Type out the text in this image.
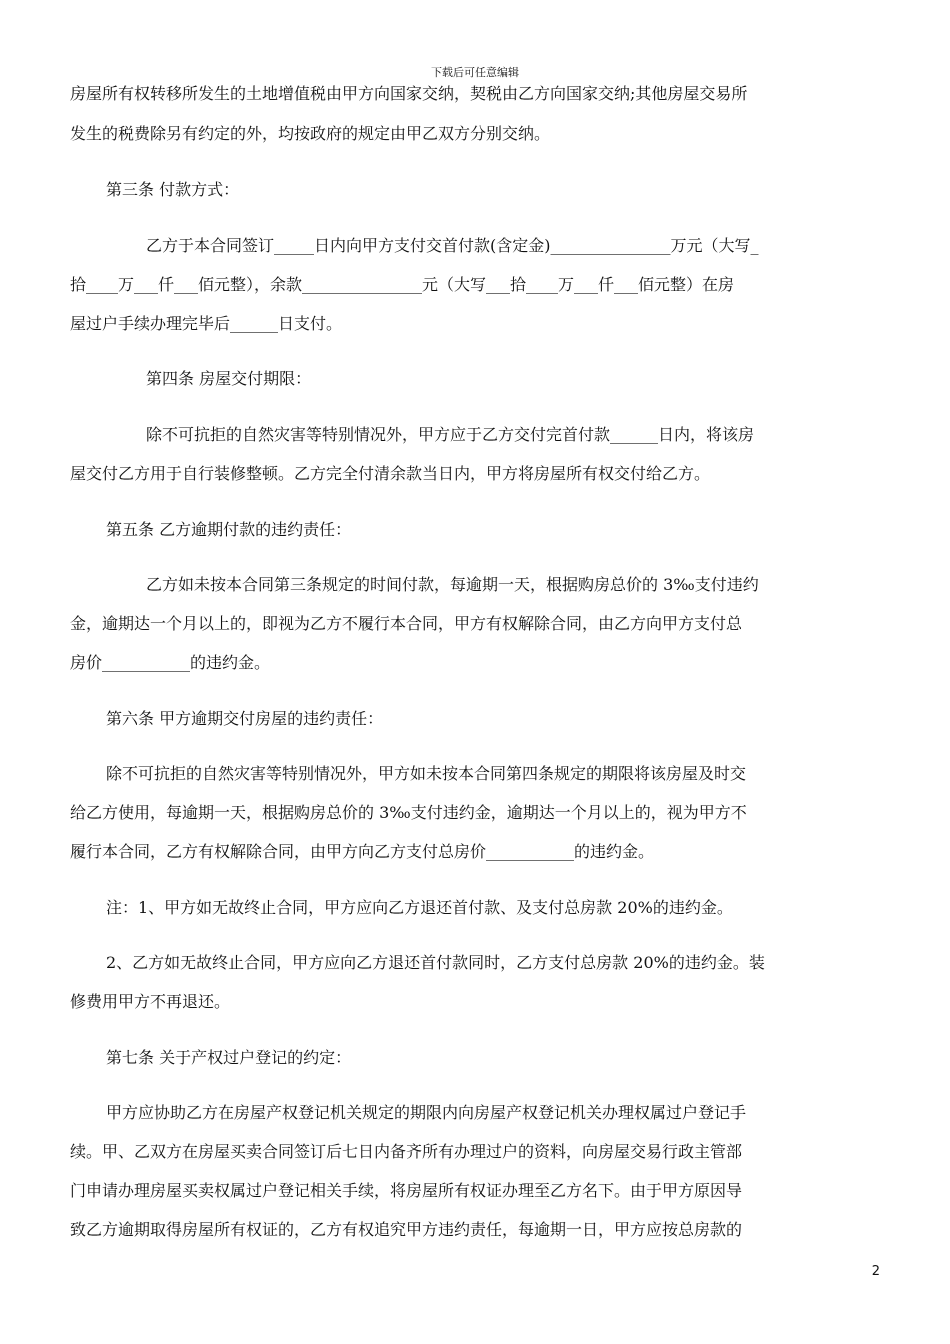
下载后可任意编辑
房屋所有权转移所发生的土地增值税由甲方向国家交纳，契税由乙方向国家交纳;其他房屋交易所
发生的税费除另有约定的外，均按政府的规定由甲乙双方分别交纳。
第三条 付款方式：
乙方于本合同签订_____日内向甲方支付交首付款(含定金)_______________万元（大写_
拾____万___仟___佰元整），余款_______________元（大写___拾____万___仟___佰元整）在房
屋过户手续办理完毕后______日支付。
第四条 房屋交付期限：
除不可抗拒的自然灾害等特别情况外，甲方应于乙方交付完首付款______日内，将该房
屋交付乙方用于自行装修整顿。乙方完全付清余款当日内，甲方将房屋所有权交付给乙方。
第五条 乙方逾期付款的违约责任：
乙方如未按本合同第三条规定的时间付款，每逾期一天，根据购房总价的 3‰支付违约
金，逾期达一个月以上的，即视为乙方不履行本合同，甲方有权解除合同，由乙方向甲方支付总
房价___________的违约金。
第六条 甲方逾期交付房屋的违约责任：
除不可抗拒的自然灾害等特别情况外，甲方如未按本合同第四条规定的期限将该房屋及时交
给乙方使用，每逾期一天，根据购房总价的 3‰支付违约金，逾期达一个月以上的，视为甲方不
履行本合同，乙方有权解除合同，由甲方向乙方支付总房价___________的违约金。
注：1、甲方如无故终止合同，甲方应向乙方退还首付款、及支付总房款 20%的违约金。
2、乙方如无故终止合同，甲方应向乙方退还首付款同时，乙方支付总房款 20%的违约金。装
修费用甲方不再退还。
第七条 关于产权过户登记的约定：
甲方应协助乙方在房屋产权登记机关规定的期限内向房屋产权登记机关办理权属过户登记手
续。甲、乙双方在房屋买卖合同签订后七日内备齐所有办理过户的资料，向房屋交易行政主管部
门申请办理房屋买卖权属过户登记相关手续，将房屋所有权证办理至乙方名下。由于甲方原因导
致乙方逾期取得房屋所有权证的，乙方有权追究甲方违约责任，每逾期一日，甲方应按总房款的
2
